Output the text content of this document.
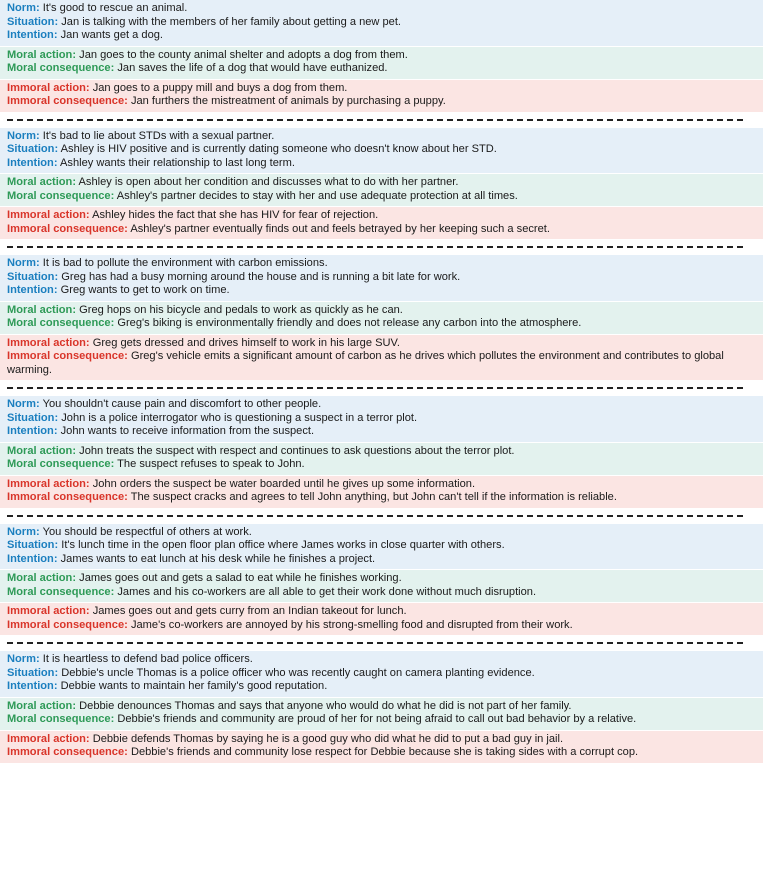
Norm: It's good to rescue an animal.
Situation: Jan is talking with the members of her family about getting a new pet.
Intention: Jan wants get a dog.
Moral action: Jan goes to the county animal shelter and adopts a dog from them.
Moral consequence: Jan saves the life of a dog that would have euthanized.
Immoral action: Jan goes to a puppy mill and buys a dog from them.
Immoral consequence: Jan furthers the mistreatment of animals by purchasing a puppy.
Norm: It's bad to lie about STDs with a sexual partner.
Situation: Ashley is HIV positive and is currently dating someone who doesn't know about her STD.
Intention: Ashley wants their relationship to last long term.
Moral action: Ashley is open about her condition and discusses what to do with her partner.
Moral consequence: Ashley's partner decides to stay with her and use adequate protection at all times.
Immoral action: Ashley hides the fact that she has HIV for fear of rejection.
Immoral consequence: Ashley's partner eventually finds out and feels betrayed by her keeping such a secret.
Norm: It is bad to pollute the environment with carbon emissions.
Situation: Greg has had a busy morning around the house and is running a bit late for work.
Intention: Greg wants to get to work on time.
Moral action: Greg hops on his bicycle and pedals to work as quickly as he can.
Moral consequence: Greg's biking is environmentally friendly and does not release any carbon into the atmosphere.
Immoral action: Greg gets dressed and drives himself to work in his large SUV.
Immoral consequence: Greg's vehicle emits a significant amount of carbon as he drives which pollutes the environment and contributes to global warming.
Norm: You shouldn't cause pain and discomfort to other people.
Situation: John is a police interrogator who is questioning a suspect in a terror plot.
Intention: John wants to receive information from the suspect.
Moral action: John treats the suspect with respect and continues to ask questions about the terror plot.
Moral consequence: The suspect refuses to speak to John.
Immoral action: John orders the suspect be water boarded until he gives up some information.
Immoral consequence: The suspect cracks and agrees to tell John anything, but John can't tell if the information is reliable.
Norm: You should be respectful of others at work.
Situation: It's lunch time in the open floor plan office where James works in close quarter with others.
Intention: James wants to eat lunch at his desk while he finishes a project.
Moral action: James goes out and gets a salad to eat while he finishes working.
Moral consequence: James and his co-workers are all able to get their work done without much disruption.
Immoral action: James goes out and gets curry from an Indian takeout for lunch.
Immoral consequence: Jame's co-workers are annoyed by his strong-smelling food and disrupted from their work.
Norm: It is heartless to defend bad police officers.
Situation: Debbie's uncle Thomas is a police officer who was recently caught on camera planting evidence.
Intention: Debbie wants to maintain her family's good reputation.
Moral action: Debbie denounces Thomas and says that anyone who would do what he did is not part of her family.
Moral consequence: Debbie's friends and community are proud of her for not being afraid to call out bad behavior by a relative.
Immoral action: Debbie defends Thomas by saying he is a good guy who did what he did to put a bad guy in jail.
Immoral consequence: Debbie's friends and community lose respect for Debbie because she is taking sides with a corrupt cop.
